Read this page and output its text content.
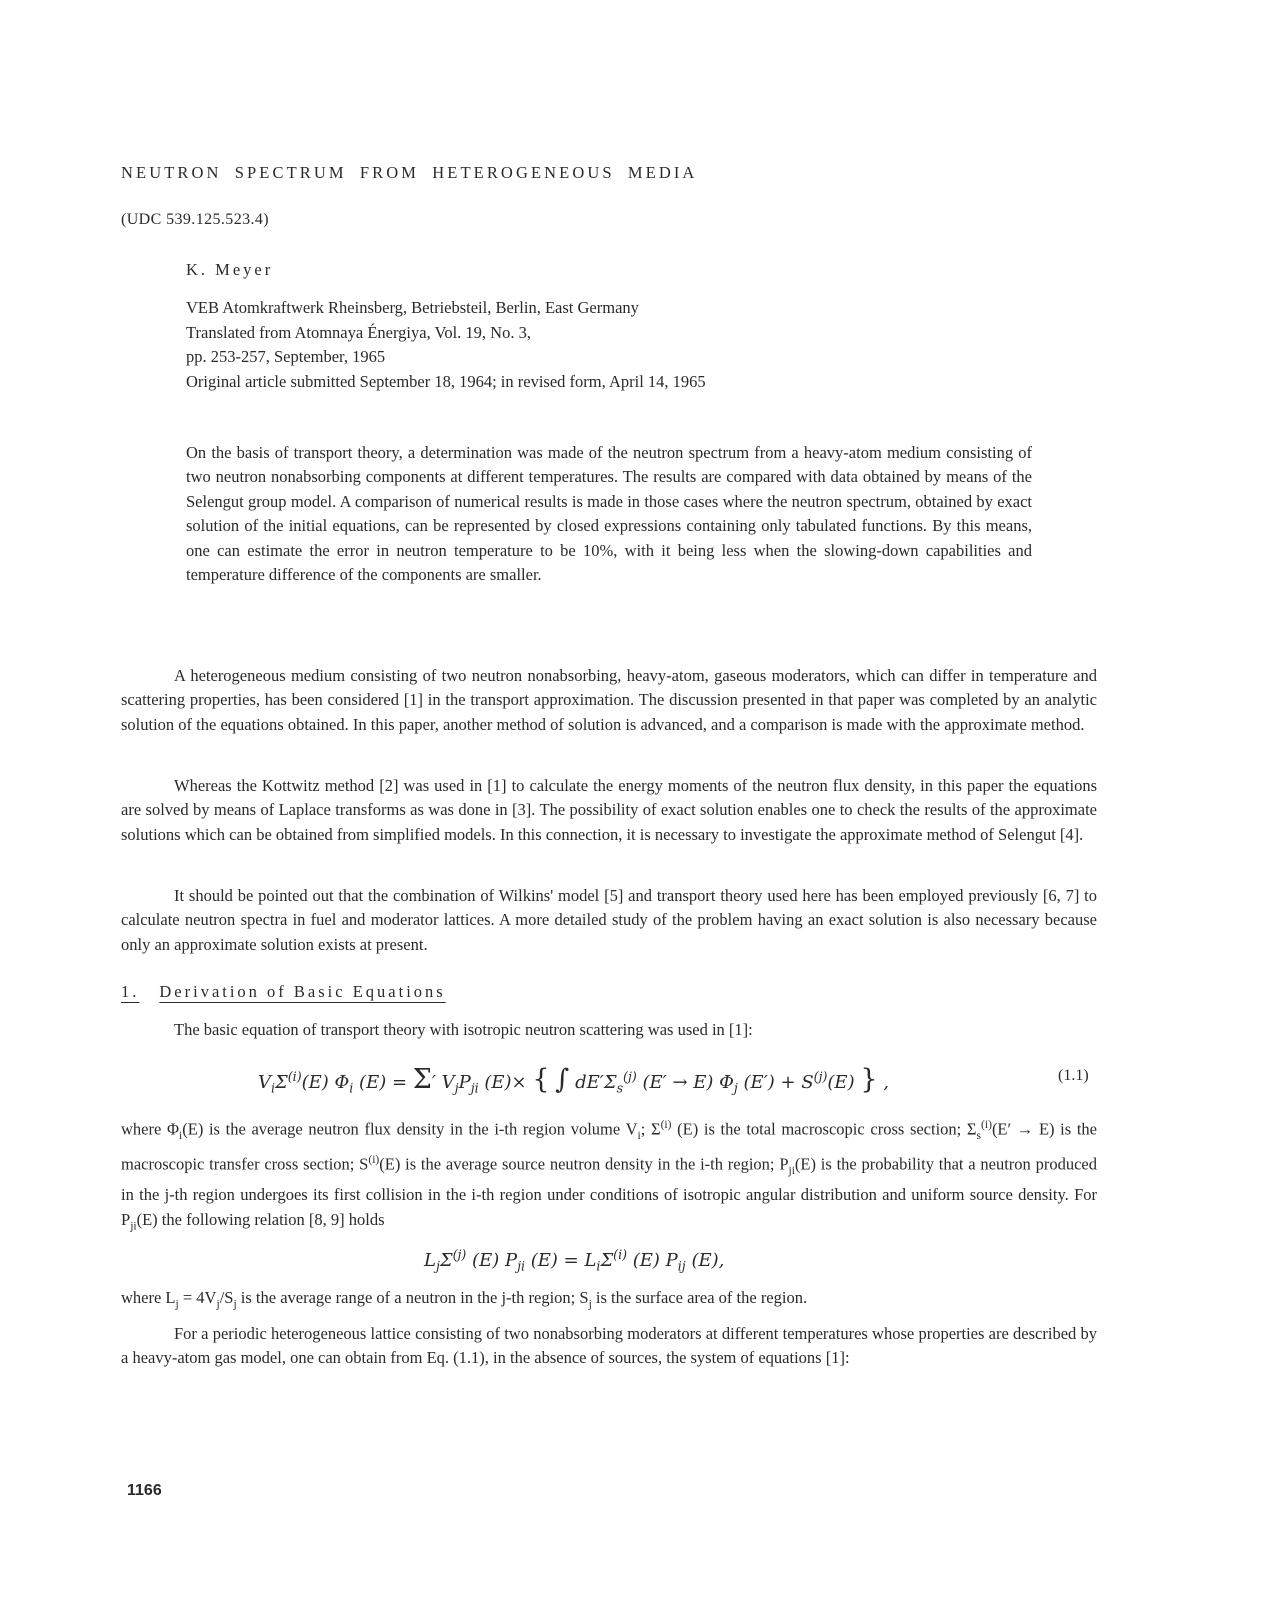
NEUTRON SPECTRUM FROM HETEROGENEOUS MEDIA
(UDC 539.125.523.4)
K. Meyer
VEB Atomkraftwerk Rheinsberg, Betriebsteil, Berlin, East Germany
Translated from Atomnaya Énergiya, Vol. 19, No. 3,
pp. 253-257, September, 1965
Original article submitted September 18, 1964; in revised form, April 14, 1965
On the basis of transport theory, a determination was made of the neutron spectrum from a heavy-atom medium consisting of two neutron nonabsorbing components at different temperatures. The results are compared with data obtained by means of the Selengut group model. A comparison of numerical results is made in those cases where the neutron spectrum, obtained by exact solution of the initial equations, can be represented by closed expressions containing only tabulated functions. By this means, one can estimate the error in neutron temperature to be 10%, with it being less when the slowing-down capabilities and temperature difference of the components are smaller.

A heterogeneous medium consisting of two neutron nonabsorbing, heavy-atom, gaseous moderators, which can differ in temperature and scattering properties, has been considered [1] in the transport approximation. The discussion presented in that paper was completed by an analytic solution of the equations obtained. In this paper, another method of solution is advanced, and a comparison is made with the approximate method.

Whereas the Kottwitz method [2] was used in [1] to calculate the energy moments of the neutron flux density, in this paper the equations are solved by means of Laplace transforms as was done in [3]. The possibility of exact solution enables one to check the results of the approximate solutions which can be obtained from simplified models. In this connection, it is necessary to investigate the approximate method of Selengut [4].

It should be pointed out that the combination of Wilkins' model [5] and transport theory used here has been employed previously [6, 7] to calculate neutron spectra in fuel and moderator lattices. A more detailed study of the problem having an exact solution is also necessary because only an approximate solution exists at present.

1. Derivation of Basic Equations

The basic equation of transport theory with isotropic neutron scattering was used in [1]:

$V_i\Sigma^{(i)}(E)$ $\Phi_i$ (E) = Σ′ $V_jP_{ji}$ (E)× { ∫ $dE'\Sigma_s^{(j)}$ (E′ → E) $\Phi_j$ $(E') + S^{(j)}(E)$ } ,	(1.1)

where $\Phi_i(E)$ is the average neutron flux density in the i-th region volume $V_i$; $\Sigma^{(i)}$ (E) is the total macroscopic cross section; $\Sigma_s^{(i)}(E' \to E)$ is the macroscopic transfer cross section; $S^{(i)}(E)$ is the average source neutron density in the i-th region; $P_{ji}(E)$ is the probability that a neutron produced in the j-th region undergoes its first collision in the i-th region under conditions of isotropic angular distribution and uniform source density. For $P_{ji}(E)$ the following relation [8, 9] holds

$L_j\Sigma^{(j)}$ (E) $P_{ji}$ $(E) = L_i\Sigma^{(i)}$ (E) $P_{ij}$ (E),

where $L_j = 4V_j/S_j$ is the average range of a neutron in the j-th region; $S_j$ is the surface area of the region.

For a periodic heterogeneous lattice consisting of two nonabsorbing moderators at different temperatures whose properties are described by a heavy-atom gas model, one can obtain from Eq. (1.1), in the absence of sources, the system of equations [1]:

1166
